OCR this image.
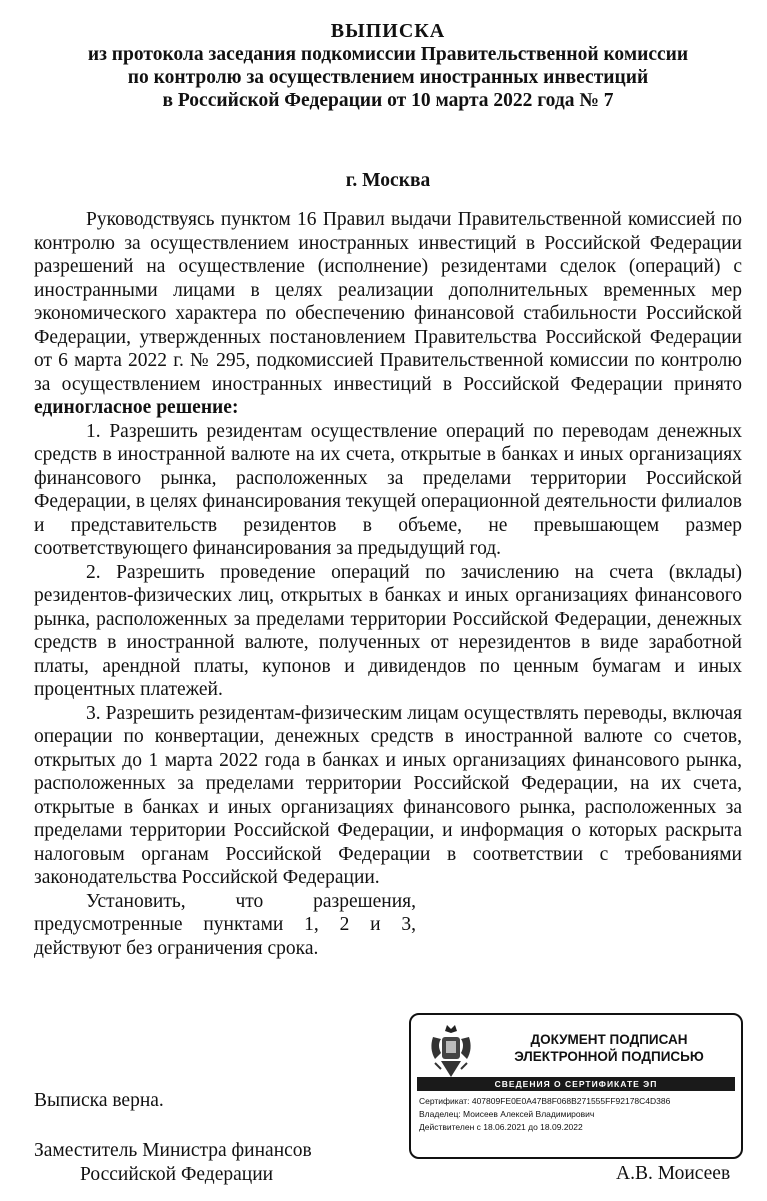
ВЫПИСКА
из протокола заседания подкомиссии Правительственной комиссии
по контролю за осуществлением иностранных инвестиций
в Российской Федерации от 10 марта 2022 года № 7
г. Москва

Руководствуясь пунктом 16 Правил выдачи Правительственной комиссией по контролю за осуществлением иностранных инвестиций в Российской Федерации разрешений на осуществление (исполнение) резидентами сделок (операций) с иностранными лицами в целях реализации дополнительных временных мер экономического характера по обеспечению финансовой стабильности Российской Федерации, утвержденных постановлением Правительства Российской Федерации от 6 марта 2022 г. № 295, подкомиссией Правительственной комиссии по контролю за осуществлением иностранных инвестиций в Российской Федерации принято единогласное решение:

1. Разрешить резидентам осуществление операций по переводам денежных средств в иностранной валюте на их счета, открытые в банках и иных организациях финансового рынка, расположенных за пределами территории Российской Федерации, в целях финансирования текущей операционной деятельности филиалов и представительств резидентов в объеме, не превышающем размер соответствующего финансирования за предыдущий год.

2. Разрешить проведение операций по зачислению на счета (вклады) резидентов-физических лиц, открытых в банках и иных организациях финансового рынка, расположенных за пределами территории Российской Федерации, денежных средств в иностранной валюте, полученных от нерезидентов в виде заработной платы, арендной платы, купонов и дивидендов по ценным бумагам и иных процентных платежей.

3. Разрешить резидентам-физическим лицам осуществлять переводы, включая операции по конвертации, денежных средств в иностранной валюте со счетов, открытых до 1 марта 2022 года в банках и иных организациях финансового рынка, расположенных за пределами территории Российской Федерации, на их счета, открытые в банках и иных организациях финансового рынка, расположенных за пределами территории Российской Федерации, и информация о которых раскрыта налоговым органам Российской Федерации в соответствии с требованиями законодательства Российской Федерации.

Установить, что разрешения, предусмотренные пунктами 1, 2 и 3, действуют без ограничения срока.

Выписка верна.
Заместитель Министра финансов
Российской Федерации	А.В. Моисеев
ДОКУМЕНТ ПОДПИСАН
ЭЛЕКТРОННОЙ ПОДПИСЬЮ
СВЕДЕНИЯ О СЕРТИФИКАТЕ ЭП
Сертификат: 407809FE0E0A47B8F068B271555FF92178C4D386
Владелец: Моисеев Алексей Владимирович
Действителен с 18.06.2021 до 18.09.2022
